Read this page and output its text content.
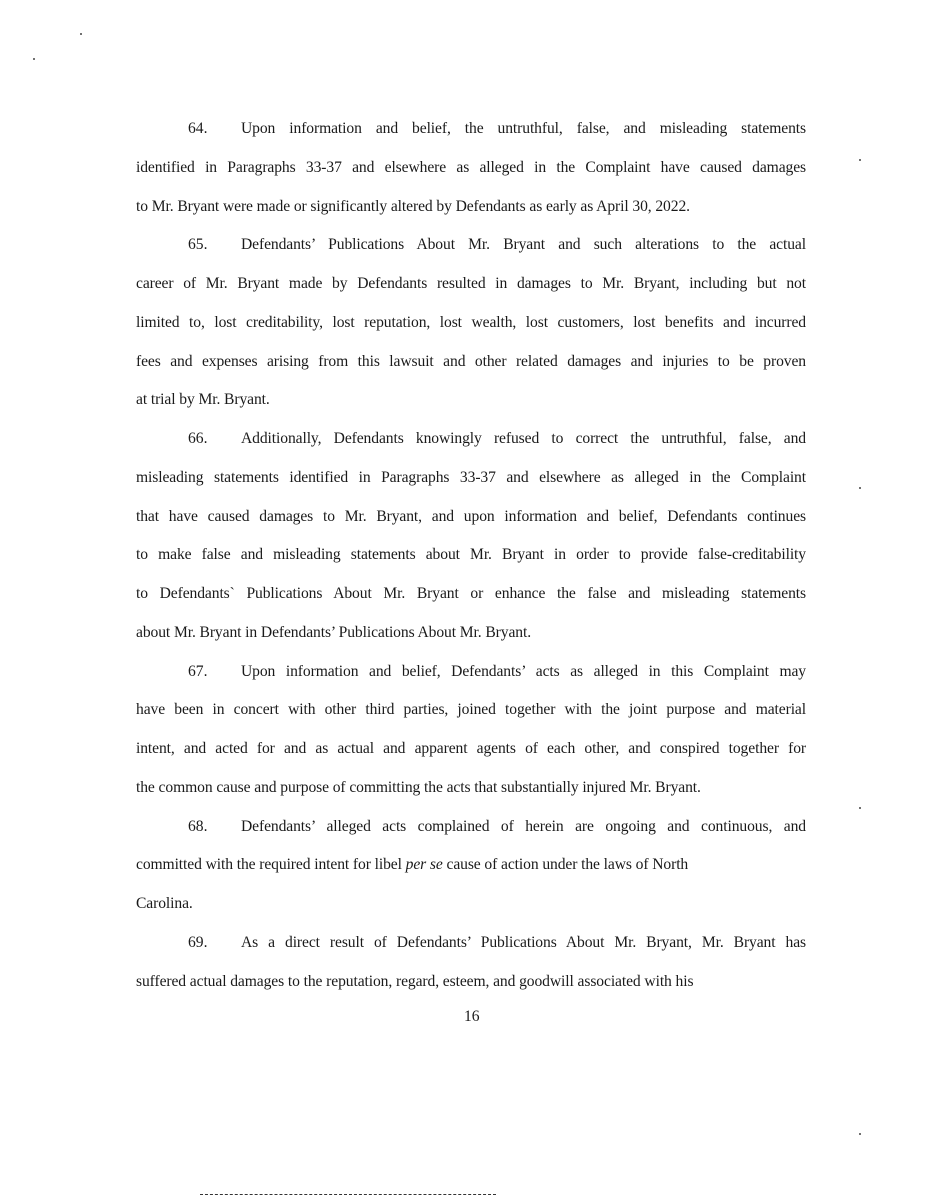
64. Upon information and belief, the untruthful, false, and misleading statements
identified in Paragraphs 33-37 and elsewhere as alleged in the Complaint have caused damages
to Mr. Bryant were made or significantly altered by Defendants as early as April 30, 2022.
65. Defendants’ Publications About Mr. Bryant and such alterations to the actual
career of Mr. Bryant made by Defendants resulted in damages to Mr. Bryant, including but not
limited to, lost creditability, lost reputation, lost wealth, lost customers, lost benefits and incurred
fees and expenses arising from this lawsuit and other related damages and injuries to be proven
at trial by Mr. Bryant.
66. Additionally, Defendants knowingly refused to correct the untruthful, false, and
misleading statements identified in Paragraphs 33-37 and elsewhere as alleged in the Complaint
that have caused damages to Mr. Bryant, and upon information and belief, Defendants continues
to make false and misleading statements about Mr. Bryant in order to provide false-creditability
to Defendants` Publications About Mr. Bryant or enhance the false and misleading statements
about Mr. Bryant in Defendants’ Publications About Mr. Bryant.
67. Upon information and belief, Defendants’ acts as alleged in this Complaint may
have been in concert with other third parties, joined together with the joint purpose and material
intent, and acted for and as actual and apparent agents of each other, and conspired together for
the common cause and purpose of committing the acts that substantially injured Mr. Bryant.
68. Defendants’ alleged acts complained of herein are ongoing and continuous, and
committed with the required intent for libel per se cause of action under the laws of North
Carolina.
69. As a direct result of Defendants’ Publications About Mr. Bryant, Mr. Bryant has
suffered actual damages to the reputation, regard, esteem, and goodwill associated with his
16
